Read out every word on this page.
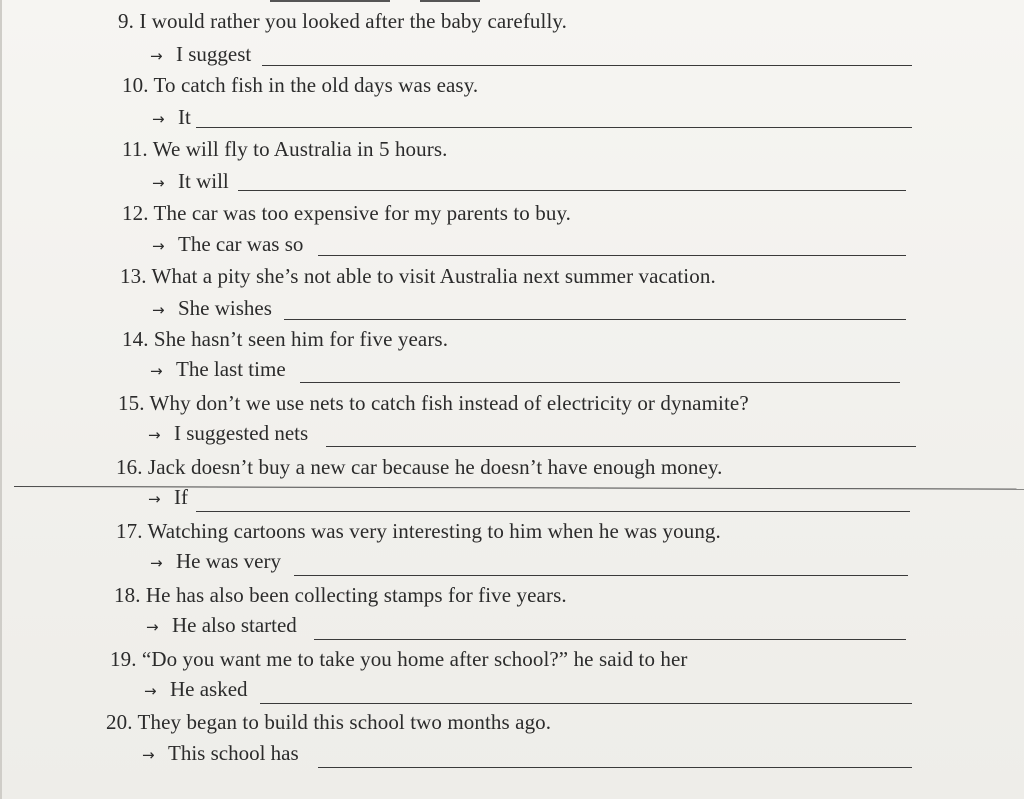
9. I would rather you looked after the baby carefully.
→ I suggest
10. To catch fish in the old days was easy.
→ It
11. We will fly to Australia in 5 hours.
→ It will
12. The car was too expensive for my parents to buy.
→ The car was so
13. What a pity she’s not able to visit Australia next summer vacation.
→ She wishes
14. She hasn’t seen him for five years.
→ The last time
15. Why don’t we use nets to catch fish instead of electricity or dynamite?
→ I suggested nets
16. Jack doesn’t buy a new car because he doesn’t have enough money.
→ If
17. Watching cartoons was very interesting to him when he was young.
→ He was very
18. He has also been collecting stamps for five years.
→ He also started
19. “Do you want me to take you home after school?” he said to her
→ He asked
20. They began to build this school two months ago.
→ This school has
